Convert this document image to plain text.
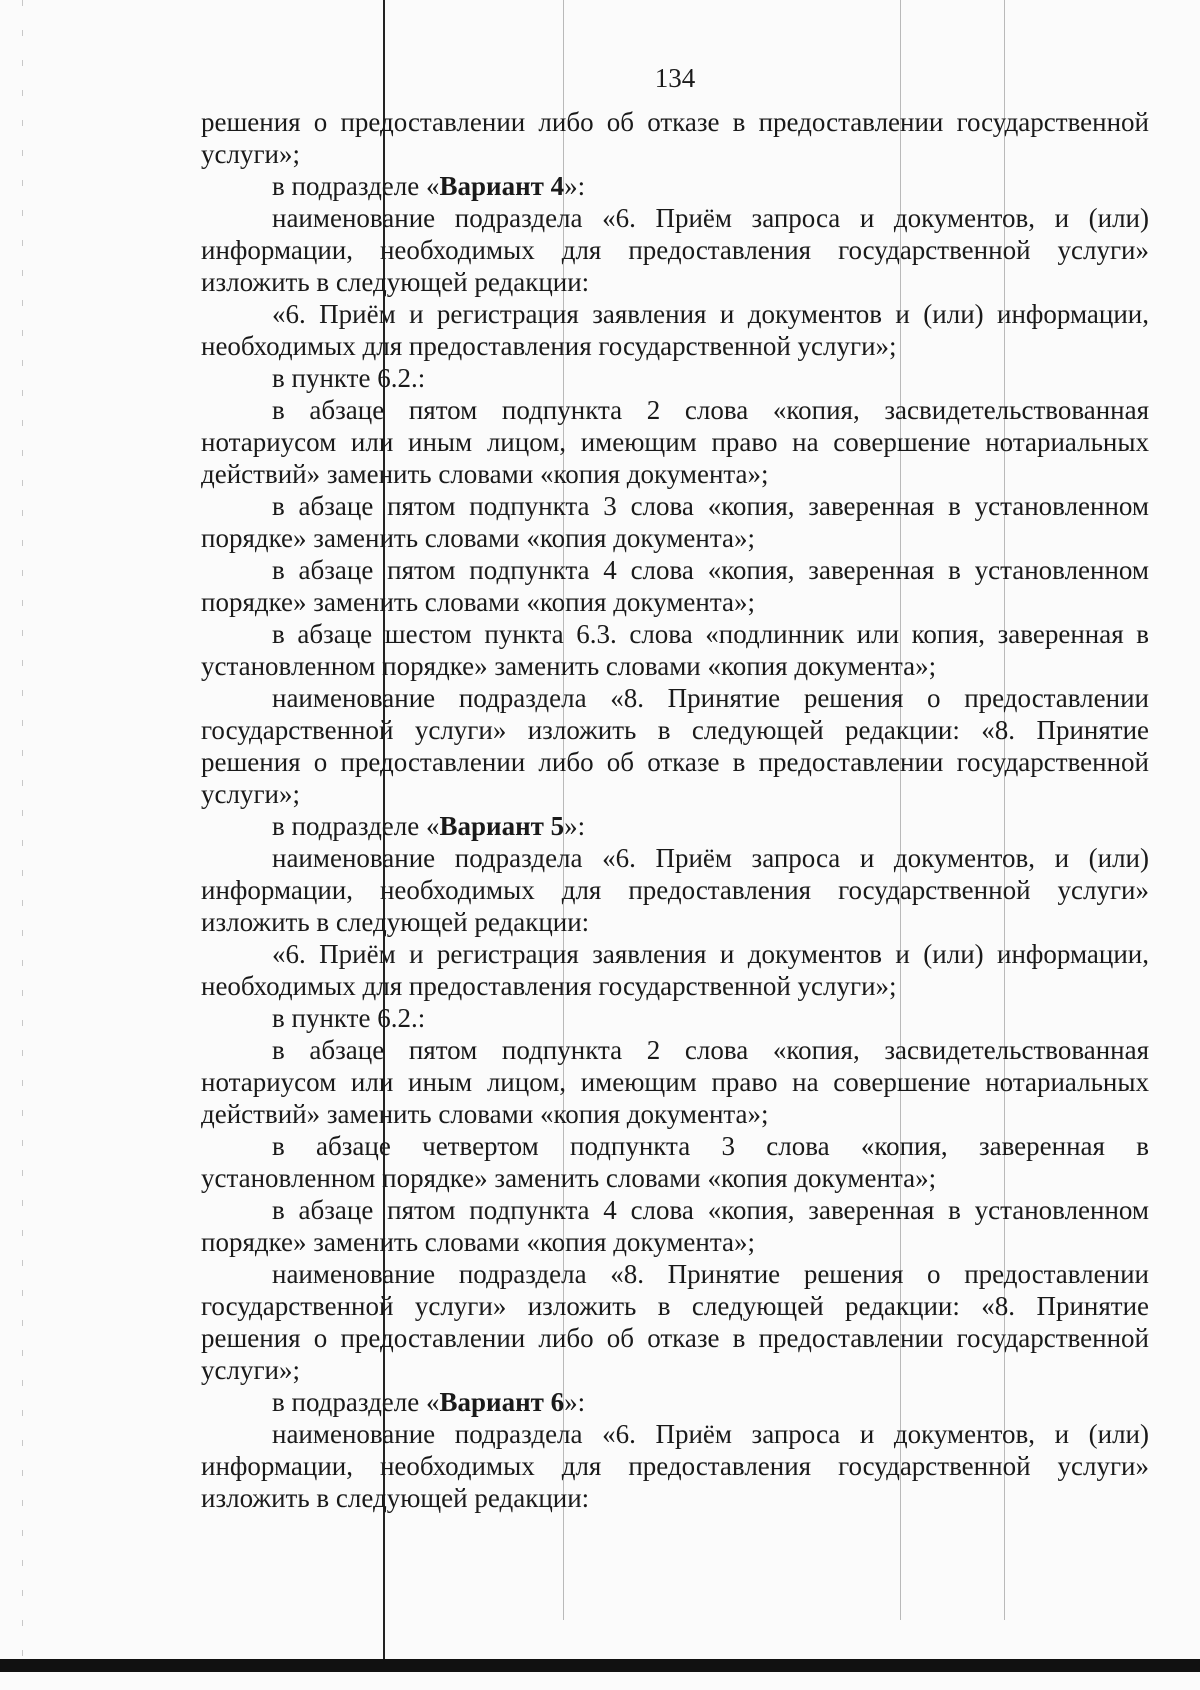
134
решения о предоставлении либо об отказе в предоставлении государственной
услуги»;
в подразделе «Вариант 4»:
наименование подраздела «6. Приём запроса и документов, и (или)
информации, необходимых для предоставления государственной услуги»
изложить в следующей редакции:
«6. Приём и регистрация заявления и документов и (или) информации,
необходимых для предоставления государственной услуги»;
в пункте 6.2.:
в абзаце пятом подпункта 2 слова «копия, засвидетельствованная
нотариусом или иным лицом, имеющим право на совершение нотариальных
действий» заменить словами «копия документа»;
в абзаце пятом подпункта 3 слова «копия, заверенная в установленном
порядке» заменить словами «копия документа»;
в абзаце пятом подпункта 4 слова «копия, заверенная в установленном
порядке» заменить словами «копия документа»;
в абзаце шестом пункта 6.3. слова «подлинник или копия, заверенная в
установленном порядке» заменить словами «копия документа»;
наименование подраздела «8. Принятие решения о предоставлении
государственной услуги» изложить в следующей редакции: «8. Принятие
решения о предоставлении либо об отказе в предоставлении государственной
услуги»;
в подразделе «Вариант 5»:
наименование подраздела «6. Приём запроса и документов, и (или)
информации, необходимых для предоставления государственной услуги»
изложить в следующей редакции:
«6. Приём и регистрация заявления и документов и (или) информации,
необходимых для предоставления государственной услуги»;
в пункте 6.2.:
в абзаце пятом подпункта 2 слова «копия, засвидетельствованная
нотариусом или иным лицом, имеющим право на совершение нотариальных
действий» заменить словами «копия документа»;
в абзаце четвертом подпункта 3 слова «копия, заверенная в
установленном порядке» заменить словами «копия документа»;
в абзаце пятом подпункта 4 слова «копия, заверенная в установленном
порядке» заменить словами «копия документа»;
наименование подраздела «8. Принятие решения о предоставлении
государственной услуги» изложить в следующей редакции: «8. Принятие
решения о предоставлении либо об отказе в предоставлении государственной
услуги»;
в подразделе «Вариант 6»:
наименование подраздела «6. Приём запроса и документов, и (или)
информации, необходимых для предоставления государственной услуги»
изложить в следующей редакции:
